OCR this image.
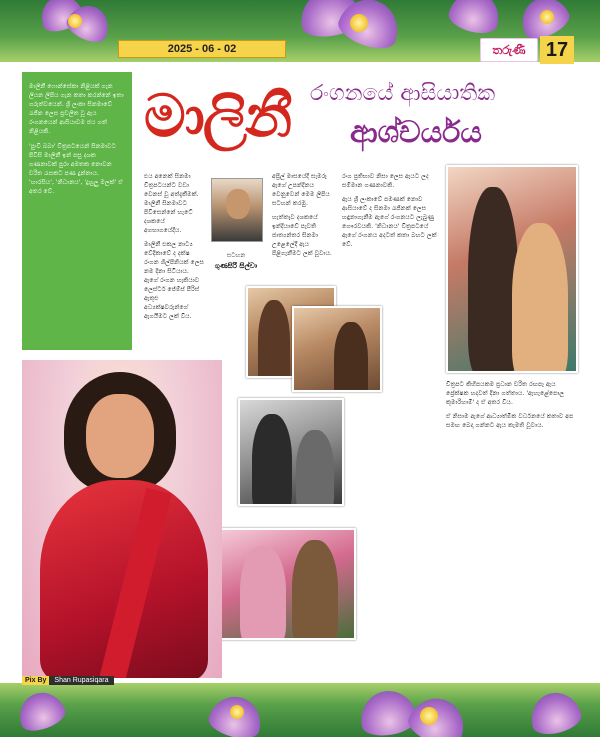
2025 - 06 - 02	තරුණී	17

මාලිනී ෆොන්සේකා නිළියක් ගැන ලියන ලිපිය ගැන කතා කරන්නේ ඉතා ගරුත්වයෙන්. ශ්‍රී ලංකා සිනමාවේ රැජින ලෙස ප්‍රචලිත වූ ඇය රංගනයෙන් ආසියාවම ජය ගත් නිළියකි.

'පුංචි බබා' චිත්‍රපටයෙන් සිනමාවට පිවිසි මාලිනී ඉන් පසු දශක ගණනාවක් පුරා අමතක නොවන චරිත රැසකට පණ දුන්නාය. 'හාරසිය', 'නිධානය', 'දුහුලු මලක්' ඒ අතර වේ.

මාලිනී රංගනයේ ආසියාතික
ආශ්චර්යය

එය අනෙක් සිනමා චිත්‍රපටයන්ට වඩා වෙනස් වූ අත්දැකීමක්. මාලිනී සිනමාවට පිවිසෙන්නේ හැටේ දශකයේ අගභාගයේදීය.

මාලිනී එකල නාට්‍ය වේදිකාවේ ද දක්ෂ රංගන ශිල්පිනියක් ලෙස නම දිනා සිටියාය. ඇගේ රංගන හැකියාව ලෙස්ටර් ජේම්ස් පීරිස් ඇතුළු අධ්‍යක්ෂවරුන්ගේ ඇගයීමට ලක් විය.

අප්‍රිල් මාසයේදී සැමරූ ඇගේ උපන්දිනය වෙනුවෙන් මෙම ලිපිය සටහන් කරමු.

හැත්තෑව දශකයේ ඉන්දියාවේ පැවති ජාත්‍යන්තර සිනමා උළෙලේදී ඇය පිළිගැනීමට ලක් වූවාය.

රංග ප්‍රතිභාව නිසා ලෙස ඇයට ලද සම්මාන ගණනාවකි.

ඇය ශ්‍රී ලංකාවේ පමණක් නොව ආසියාවේ ද සිනමා රැජිනක් ලෙස හඳුනාගැනීම ඇගේ රංගනයට ලැබුණු ගෞරවයකි. 'නිධානය' චිත්‍රපටයේ ඇගේ රංගනය අදටත් කතා බහට ලක් වේ.

චිත්‍රපට කිහිපයකම ප්‍රධාන චරිත රඟපෑ ඇය ප්‍රේක්ෂක හදවත් දිනා ගත්තාය. 'ඇහැළේපොල කුමාරිහාමි' ද ඒ අතර විය.

ඒ නිසාම ඇගේ ආධ්‍යාත්මික වර්ධනයේ කතාව අප සමඟ බෙදා ගන්නට ඇය කැමති වූවාය.

සටහන
ගුණසිරි සිල්වා
Pix By Shan Rupasiqara
